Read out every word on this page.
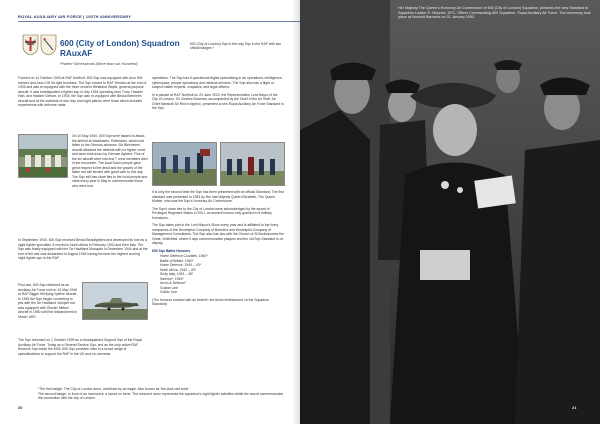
ROYAL AUXILIARY AIR FORCE | 100TH ANNIVERSARY
600 (City of London) Squadron
RAuxAF
Praeter Secessionis (More than six Hundred)
600 (City of London) Sqn is the only Sqn in the RAF with two official badges.*

Formed on 14 October 1925 at RAF Northolt, 600 Sqn was equipped with Avro 504 trainers and Airco DH.9A light bombers. The Sqn moved to RAF Hendon at the end of 1926 and was re-equipped with the more modern Westland Wapiti, general-purpose aircraft. It was redesignated a fighter sqn in July 1934 operating Avro Tutor, Hawker Hart, and Hawker Demon. In 1939, the Sqn was re-equipped with Bristol Blenheim aircraft and at the outbreak of war, day and night patrols were flown which included experiments with airborne radar.

On 10 May 1940, 600 Sqn were tasked to attack the airfield at Waalhaven, Rotterdam, which had fallen to the German advance. Six Blenheims aircraft attacked the airfields with no fighter cover and were shot-down by German fighters. Five of the six aircraft were lost and 7 crew members died in the encounter. The local Dutch people gave great respect to the dead and the graves of the fallen are still tended with great care to this day. The Sqn still has close ties to the local people and visits every year in May to commemorate those who were lost.

In September 1940, 600 Sqn received Bristol Beaufighters and developed its role as a night fighter specialist. It moved to North Africa in February 1942 and then Italy. The Sqn was finally equipped with the De Havilland Mosquito in December 1944 and at the end of the war was disbanded in August 1945 having become the highest scoring night fighter sqn in the RAF.

Post war, 600 Sqn reformed as an Auxiliary Air Force unit on 10 May 1946 at RAF Biggin Hill flying Spitfire aircraft. In 1949 the Sqn began converting to jets with the De Havilland Vampire but was equipped with Gloster Meteor aircraft in 1950 until the disbandment in March 1957.

The Sqn reformed on 1 October 1999 as a Headquarters Support Sqn of the Royal Auxiliary Air Force. Today as a General Service Sqn, and as the only active RAF Reserve Sqn within the M25, 600 Sqn provides roles in a broad range of specialisations to support the RAF in the UK and on overseas

operations. The Sqn has 6 operational flights specialising in air operations, intelligence, cyberspace, people operations and medical services. The Sqn also has a flight of subject matter experts, chaplains, and legal officers.

In a parade at RAF Northolt on 24 June 2023, the Representative Lord Mayor of the City of London, Sir Charles Bowman, accompanied by the Chief of the Air Staff, Air Chief Marshall Sir Rich Knighton, presented a new Royal Auxiliary Air Force Standard to the Sqn.

It is only the second time the Sqn has been presented with an official Standard. The first standard was presented in 1953 by Her late Majesty Queen Elizabeth, The Queen Mother, who was the Sqn's Honorary Air Commodore.

The Sqn's close ties to the City of London were acknowledged by the award of Privileged Regiment Status in 2001, an ancient honour only granted to 8 military formations.

The Sqn takes part in the Lord Mayor's Show every year and is affiliated to the livery companies of the Worshipful Company of Butchers and Worshipful Company of Management Consultants. The Sqn also has ties with the Church of St Bartholomew the Great, Smithfield, where it lays commemorative plaques and the old Sqn Standard is on display.

600 Sqn Battle Honours
Home Defence Counties, 1940*
Battle of Britain, 1940*
Home Defence, 1940 – 43*
North Africa, 1942 – 43*
Sicily Italy, 1943 – 45*
Salerno*, 1943*
Anzio & Nettuno*
Gustav Line
Gothic Line

(The honours marked with an Asterix* are those emblazoned on the Squadron Standard)

*The first badge: The City of London arms, overflown by an eagle. Also known as 'the dust-cart crest'.
The second badge: In front of an increscent, a sword on bend. The crescent moon represents the squadron's night fighter activities whilst the sword commemorates the connection with the city of London.
20
Her Majesty The Queen's Honorary Air Commodore of 600 (City of London) Squadron, presents the new Standard to Squadron Leader R. Mounter, DFC, Officer Commanding 600 Squadron, Royal Auxiliary Air Force. The ceremony took place at Northolt Barracks on 31 January 1953.
21
